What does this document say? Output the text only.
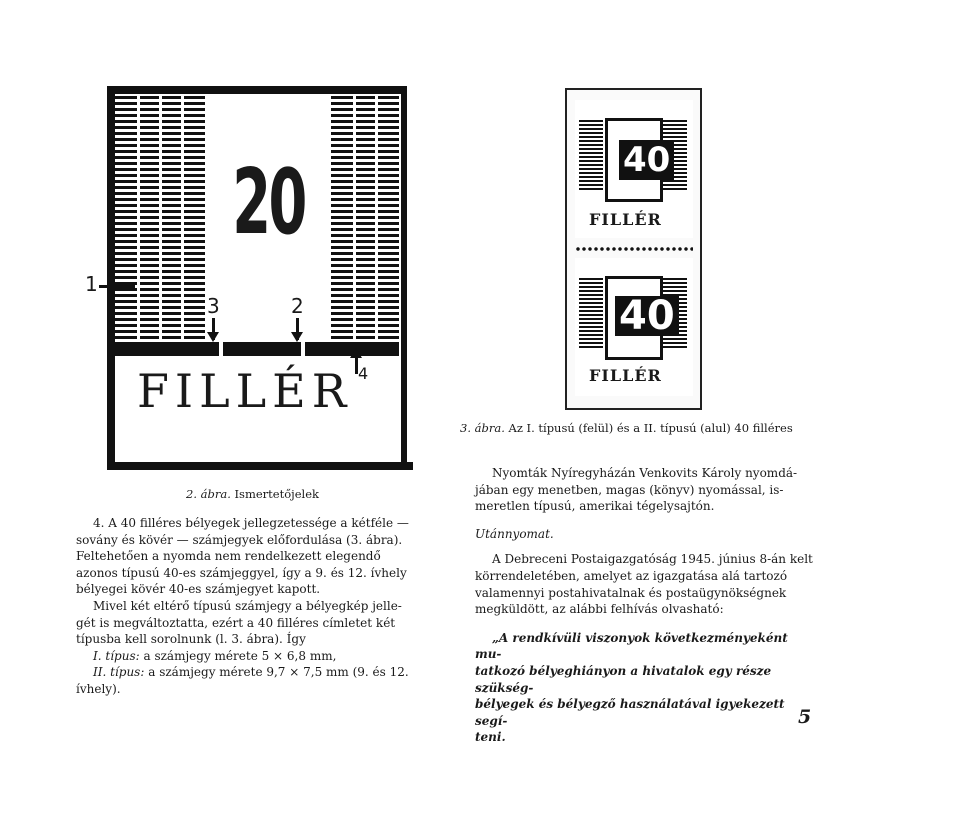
20
FILLÉR
1
3	2
4
40
FILLÉR
40
FILLÉR
3. ábra. Az I. típusú (felül) és a II. típusú (alul) 40 filléres
2. ábra. Ismertetőjelek

4. A 40 filléres bélyegek jellegzetessége a kétféle —

sovány és kövér — számjegyek előfordulása (3. ábra).

Feltehetően a nyomda nem rendelkezett elegendő

azonos típusú 40-es számjeggyel, így a 9. és 12. ívhely

bélyegei kövér 40-es számjegyet kapott.

Mivel két eltérő típusú számjegy a bélyegkép jelle-

gét is megváltoztatta, ezért a 40 filléres címletet két

típusba kell sorolnunk (l. 3. ábra). Így

I. típus: a számjegy mérete 5 × 6,8 mm,

II. típus: a számjegy mérete 9,7 × 7,5 mm (9. és 12.

ívhely).

Nyomták Nyíregyházán Venkovits Károly nyomdá-

jában egy menetben, magas (könyv) nyomással, is-

meretlen típusú, amerikai tégelysajtón.

Utánnyomat.

A Debreceni Postaigazgatóság 1945. június 8-án kelt

körrendeletében, amelyet az igazgatása alá tartozó

valamennyi postahivatalnak és postaügynökségnek

megküldött, az alábbi felhívás olvasható:

„A rendkívüli viszonyok következményeként mu-

tatkozó bélyeghiányon a hivatalok egy része szükség-

bélyegek és bélyegző használatával igyekezett segí-

teni.

5
